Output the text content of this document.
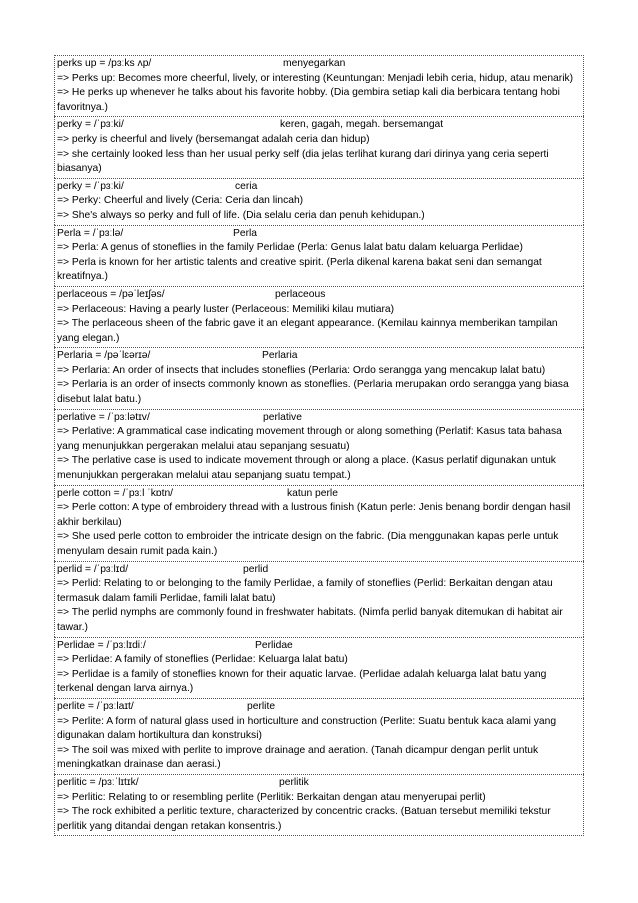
perks up = /pɜːks ʌp/	menyegarkan
=> Perks up: Becomes more cheerful, lively, or interesting (Keuntungan: Menjadi lebih ceria, hidup, atau menarik)
=> He perks up whenever he talks about his favorite hobby. (Dia gembira setiap kali dia berbicara tentang hobi favoritnya.)
perky = /ˈpɜːki/	keren, gagah, megah. bersemangat
=> perky is cheerful and lively (bersemangat adalah ceria dan hidup)
=> she certainly looked less than her usual perky self (dia jelas terlihat kurang dari dirinya yang ceria seperti biasanya)
perky = /ˈpɜːki/	ceria
=> Perky: Cheerful and lively (Ceria: Ceria dan lincah)
=> She's always so perky and full of life. (Dia selalu ceria dan penuh kehidupan.)
Perla = /ˈpɜːlə/	Perla
=> Perla: A genus of stoneflies in the family Perlidae (Perla: Genus lalat batu dalam keluarga Perlidae)
=> Perla is known for her artistic talents and creative spirit. (Perla dikenal karena bakat seni dan semangat kreatifnya.)
perlaceous = /pəˈleɪʃəs/	perlaceous
=> Perlaceous: Having a pearly luster (Perlaceous: Memiliki kilau mutiara)
=> The perlaceous sheen of the fabric gave it an elegant appearance. (Kemilau kainnya memberikan tampilan yang elegan.)
Perlaria = /pəˈlɛərɪə/	Perlaria
=> Perlaria: An order of insects that includes stoneflies (Perlaria: Ordo serangga yang mencakup lalat batu)
=> Perlaria is an order of insects commonly known as stoneflies. (Perlaria merupakan ordo serangga yang biasa disebut lalat batu.)
perlative = /ˈpɜːlətɪv/	perlative
=> Perlative: A grammatical case indicating movement through or along something (Perlatif: Kasus tata bahasa yang menunjukkan pergerakan melalui atau sepanjang sesuatu)
=> The perlative case is used to indicate movement through or along a place. (Kasus perlatif digunakan untuk menunjukkan pergerakan melalui atau sepanjang suatu tempat.)
perle cotton = /ˈpɜːl ˈkɒtn/	katun perle
=> Perle cotton: A type of embroidery thread with a lustrous finish (Katun perle: Jenis benang bordir dengan hasil akhir berkilau)
=> She used perle cotton to embroider the intricate design on the fabric. (Dia menggunakan kapas perle untuk menyulam desain rumit pada kain.)
perlid = /ˈpɜːlɪd/	perlid
=> Perlid: Relating to or belonging to the family Perlidae, a family of stoneflies (Perlid: Berkaitan dengan atau termasuk dalam famili Perlidae, famili lalat batu)
=> The perlid nymphs are commonly found in freshwater habitats. (Nimfa perlid banyak ditemukan di habitat air tawar.)
Perlidae = /ˈpɜːlɪdiː/	Perlidae
=> Perlidae: A family of stoneflies (Perlidae: Keluarga lalat batu)
=> Perlidae is a family of stoneflies known for their aquatic larvae. (Perlidae adalah keluarga lalat batu yang terkenal dengan larva airnya.)
perlite = /ˈpɜːlaɪt/	perlite
=> Perlite: A form of natural glass used in horticulture and construction (Perlite: Suatu bentuk kaca alami yang digunakan dalam hortikultura dan konstruksi)
=> The soil was mixed with perlite to improve drainage and aeration. (Tanah dicampur dengan perlit untuk meningkatkan drainase dan aerasi.)
perlitic = /pɜːˈlɪtɪk/	perlitik
=> Perlitic: Relating to or resembling perlite (Perlitik: Berkaitan dengan atau menyerupai perlit)
=> The rock exhibited a perlitic texture, characterized by concentric cracks. (Batuan tersebut memiliki tekstur perlitik yang ditandai dengan retakan konsentris.)
